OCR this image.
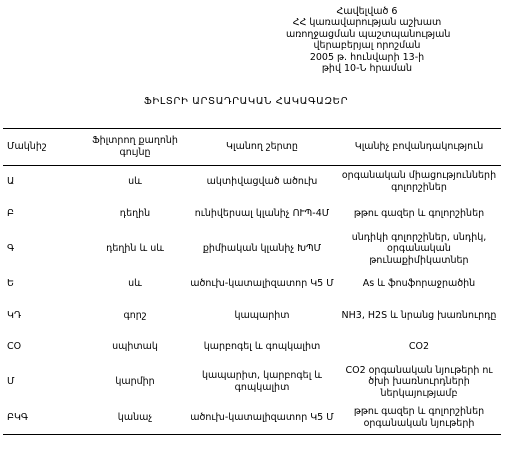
Հավելված 6
ՀՀ կառավարության աշխատ
առողջացման պաշտպանության
վերաբերյալ որոշման
2005 թ. հունվարի 13-ի
թիվ 10-Ն հրաման
ՖԻԼՏՐԻ ԱՐՏԱԴՐԱԿԱՆ ՀԱԿԱԳԱԶԵՐ
Մակնիշ	Ֆիլտրող քաղոնի գույնը	Կլանող շերտը	Կլանիչ բովանդակություն
Ա	սև	ակտիվացված ածուխ	օրգանական միացությունների գոլորշիներ
Բ	դեղին	ունիվերսալ կլանիչ ՈՒՊ-4Մ	թթու գազեր և գոլորշիներ
Գ	դեղին և սև	քիմիական կլանիչ ԽՊՄ	սնդիկի գոլորշիներ, սնդիկ, օրգանական թունաքիմիկատներ
Ե	սև	ածուխ-կատալիզատոր Կ5 Մ	As և ֆոսֆորաջրածին
ԿԴ	գորշ	կապարիտ	NH3, H2S և նրանց խառնուրդը
CO	սպիտակ	կարբոգել և գոպկալիտ	CO2
Մ	կարմիր	կապարիտ, կարբոգել և գոպկալիտ	CO2 օրգանական նյութերի ու ծխի խառնուրդների ներկայությամբ
ԲԿԳ	կանաչ	ածուխ-կատալիզատոր Կ5 Մ	թթու գազեր և գոլորշիներ օրգանական նյութերի
